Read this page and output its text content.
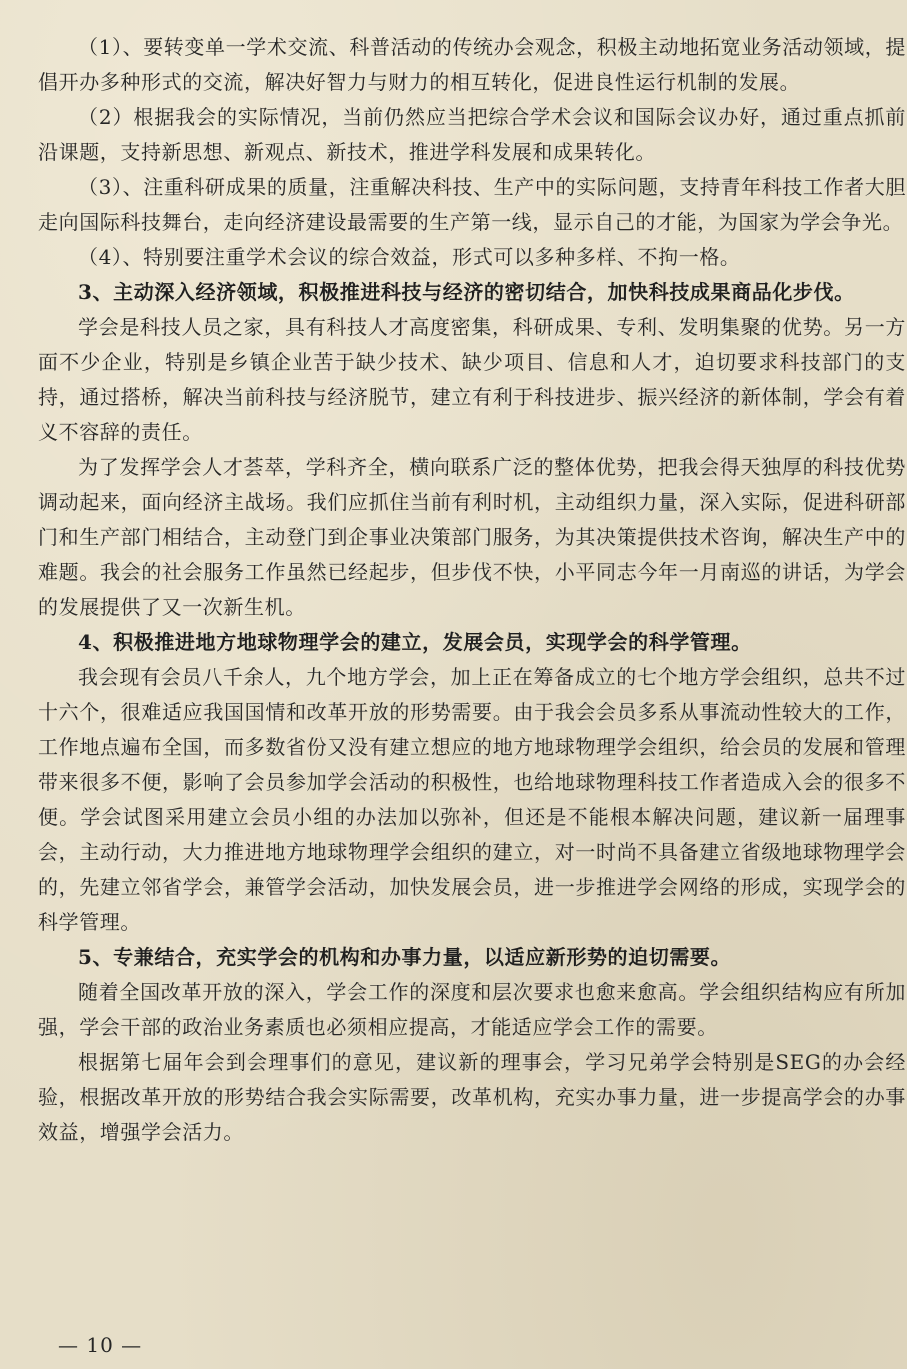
（1）、要转变单一学术交流、科普活动的传统办会观念，积极主动地拓宽业务活动领域，提倡开办多种形式的交流，解决好智力与财力的相互转化，促进良性运行机制的发展。

（2）根据我会的实际情况，当前仍然应当把综合学术会议和国际会议办好，通过重点抓前沿课题，支持新思想、新观点、新技术，推进学科发展和成果转化。

（3）、注重科研成果的质量，注重解决科技、生产中的实际问题，支持青年科技工作者大胆走向国际科技舞台，走向经济建设最需要的生产第一线，显示自己的才能，为国家为学会争光。

（4）、特别要注重学术会议的综合效益，形式可以多种多样、不拘一格。

3、主动深入经济领域，积极推进科技与经济的密切结合，加快科技成果商品化步伐。

学会是科技人员之家，具有科技人才高度密集，科研成果、专利、发明集聚的优势。另一方面不少企业，特别是乡镇企业苦于缺少技术、缺少项目、信息和人才，迫切要求科技部门的支持，通过搭桥，解决当前科技与经济脱节，建立有利于科技进步、振兴经济的新体制，学会有着义不容辞的责任。

为了发挥学会人才荟萃，学科齐全，横向联系广泛的整体优势，把我会得天独厚的科技优势调动起来，面向经济主战场。我们应抓住当前有利时机，主动组织力量，深入实际，促进科研部门和生产部门相结合，主动登门到企事业决策部门服务，为其决策提供技术咨询，解决生产中的难题。我会的社会服务工作虽然已经起步，但步伐不快，小平同志今年一月南巡的讲话，为学会的发展提供了又一次新生机。

4、积极推进地方地球物理学会的建立，发展会员，实现学会的科学管理。

我会现有会员八千余人，九个地方学会，加上正在筹备成立的七个地方学会组织，总共不过十六个，很难适应我国国情和改革开放的形势需要。由于我会会员多系从事流动性较大的工作，工作地点遍布全国，而多数省份又没有建立想应的地方地球物理学会组织，给会员的发展和管理带来很多不便，影响了会员参加学会活动的积极性，也给地球物理科技工作者造成入会的很多不便。学会试图采用建立会员小组的办法加以弥补，但还是不能根本解决问题，建议新一届理事会，主动行动，大力推进地方地球物理学会组织的建立，对一时尚不具备建立省级地球物理学会的，先建立邻省学会，兼管学会活动，加快发展会员，进一步推进学会网络的形成，实现学会的科学管理。

5、专兼结合，充实学会的机构和办事力量，以适应新形势的迫切需要。

随着全国改革开放的深入，学会工作的深度和层次要求也愈来愈高。学会组织结构应有所加强，学会干部的政治业务素质也必须相应提高，才能适应学会工作的需要。

根据第七届年会到会理事们的意见，建议新的理事会，学习兄弟学会特别是SEG的办会经验，根据改革开放的形势结合我会实际需要，改革机构，充实办事力量，进一步提高学会的办事效益，增强学会活力。

— 10 —
